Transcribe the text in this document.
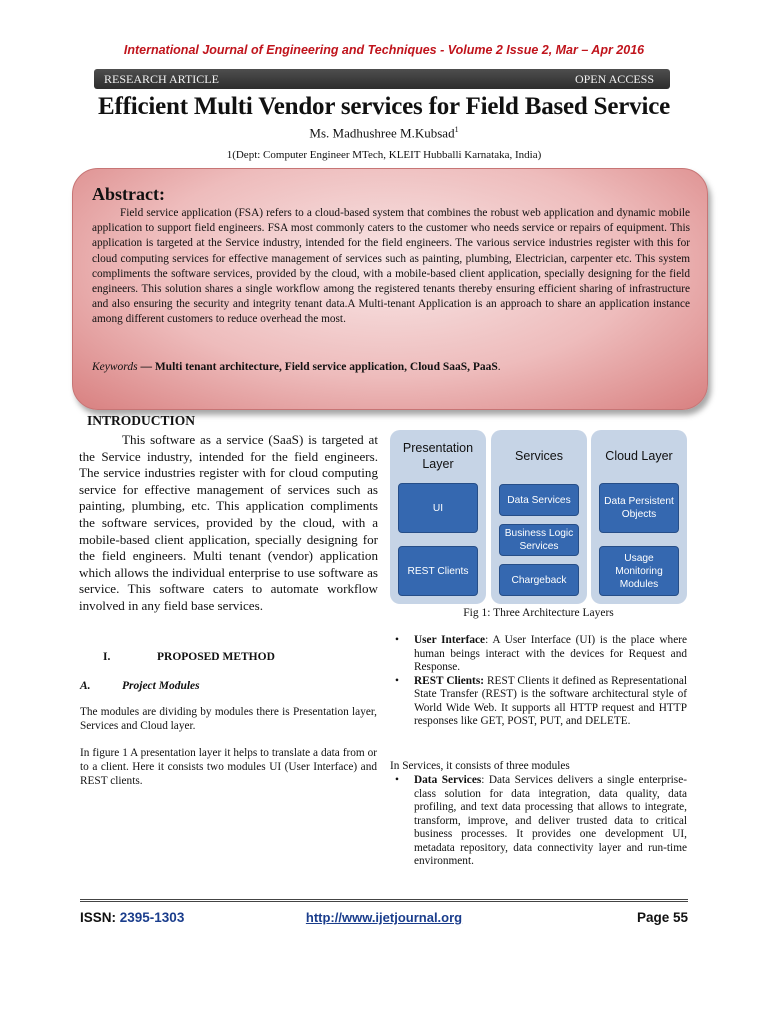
International Journal of Engineering and Techniques - Volume 2 Issue 2, Mar – Apr 2016
RESEARCH ARTICLE	OPEN ACCESS
Efficient Multi Vendor services for Field Based Service
Ms. Madhushree M.Kubsad$^1$
1(Dept: Computer Engineer MTech, KLEIT Hubballi Karnataka, India)
Abstract:

Field service application (FSA) refers to a cloud-based system that combines the robust web application and dynamic mobile application to support field engineers. FSA most commonly caters to the customer who needs service or repairs of equipment. This application is targeted at the Service industry, intended for the field engineers. The various service industries register with this for cloud computing services for effective management of services such as painting, plumbing, Electrician, carpenter etc. This system compliments the software services, provided by the cloud, with a mobile-based client application, specially designing for the field engineers. This solution shares a single workflow among the registered tenants thereby ensuring efficient sharing of infrastructure and also ensuring the security and integrity tenant data.A Multi-tenant Application is an approach to share an application instance among different customers to reduce overhead the most.

Keywords — Multi tenant architecture, Field service application, Cloud SaaS, PaaS.

INTRODUCTION

This software as a service (SaaS) is targeted at the Service industry, intended for the field engineers. The service industries register with for cloud computing service for effective management of services such as painting, plumbing, etc. This application compliments the software services, provided by the cloud, with a mobile-based client application, specially designing for the field engineers. Multi tenant (vendor) application which allows the individual enterprise to use software as service. This software caters to automate workflow involved in any field base services.

I.	PROPOSED METHOD
A.	Project Modules

The modules are dividing by modules there is Presentation layer, Services and Cloud layer.

In figure 1 A presentation layer it helps to translate a data from or to a client. Here it consists two modules UI (User Interface) and REST clients.

Presentation Layer
UI
REST Clients
Services
Data Services
Business Logic Services
Chargeback
Cloud Layer
Data Persistent Objects
Usage Monitoring Modules
Fig 1: Three Architecture Layers
• User Interface: A User Interface (UI) is the place where human beings interact with the devices for Request and Response.
• REST Clients: REST Clients it defined as Representational State Transfer (REST) is the software architectural style of World Wide Web. It supports all HTTP request and HTTP responses like GET, POST, PUT, and DELETE.
In Services, it consists of three modules
• Data Services: Data Services delivers a single enterprise-class solution for data integration, data quality, data profiling, and text data processing that allows to integrate, transform, improve, and deliver trusted data to critical business processes. It provides one development UI, metadata repository, data connectivity layer and run-time environment.
ISSN: 2395-1303	http://www.ijetjournal.org	Page 55
